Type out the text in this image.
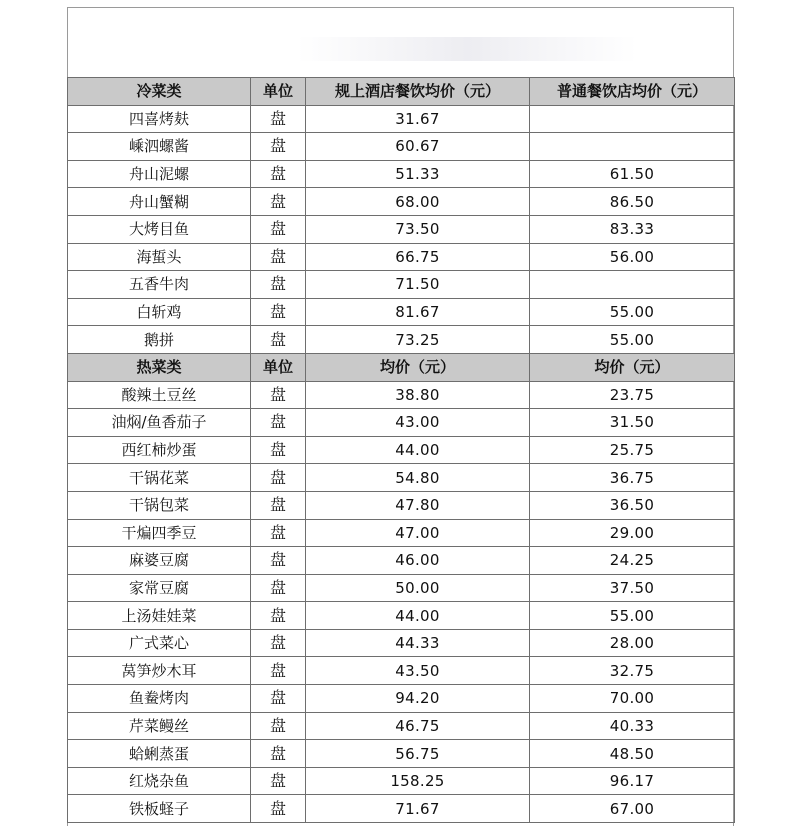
冷菜类	单位	规上酒店餐饮均价（元）	普通餐饮店均价（元）
四喜烤麸	盘	31.67	
嵊泗螺酱	盘	60.67	
舟山泥螺	盘	51.33	61.50
舟山蟹糊	盘	68.00	86.50
大烤目鱼	盘	73.50	83.33
海蜇头	盘	66.75	56.00
五香牛肉	盘	71.50	
白斩鸡	盘	81.67	55.00
鹅拼	盘	73.25	55.00
热菜类	单位	均价（元）	均价（元）
酸辣土豆丝	盘	38.80	23.75
油焖/鱼香茄子	盘	43.00	31.50
西红柿炒蛋	盘	44.00	25.75
干锅花菜	盘	54.80	36.75
干锅包菜	盘	47.80	36.50
干煸四季豆	盘	47.00	29.00
麻婆豆腐	盘	46.00	24.25
家常豆腐	盘	50.00	37.50
上汤娃娃菜	盘	44.00	55.00
广式菜心	盘	44.33	28.00
莴笋炒木耳	盘	43.50	32.75
鱼鲞烤肉	盘	94.20	70.00
芹菜鳗丝	盘	46.75	40.33
蛤蜊蒸蛋	盘	56.75	48.50
红烧杂鱼	盘	158.25	96.17
铁板蛏子	盘	71.67	67.00
